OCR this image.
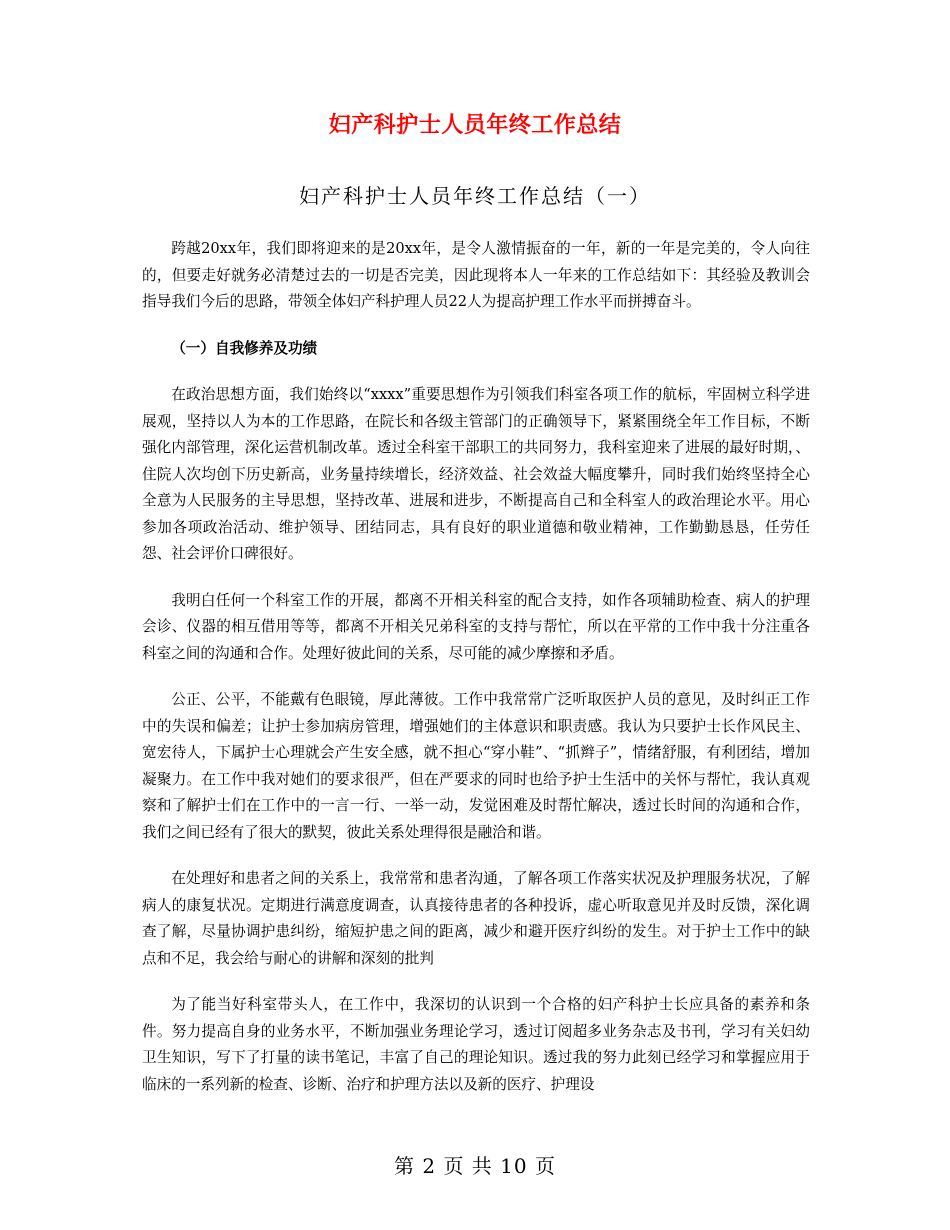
妇产科护士人员年终工作总结
妇产科护士人员年终工作总结（一）

跨越20xx年，我们即将迎来的是20xx年，是令人激情振奋的一年，新的一年是完美的，令人向往的，但要走好就务必清楚过去的一切是否完美，因此现将本人一年来的工作总结如下：其经验及教训会指导我们今后的思路，带领全体妇产科护理人员22人为提高护理工作水平而拼搏奋斗。

（一）自我修养及功绩

在政治思想方面，我们始终以“xxxx”重要思想作为引领我们科室各项工作的航标，牢固树立科学进展观，坚持以人为本的工作思路，在院长和各级主管部门的正确领导下，紧紧围绕全年工作目标，不断强化内部管理，深化运营机制改革。透过全科室干部职工的共同努力，我科室迎来了进展的最好时期，、住院人次均创下历史新高，业务量持续增长，经济效益、社会效益大幅度攀升，同时我们始终坚持全心全意为人民服务的主导思想，坚持改革、进展和进步，不断提高自己和全科室人的政治理论水平。用心参加各项政治活动、维护领导、团结同志，具有良好的职业道德和敬业精神，工作勤勤恳恳，任劳任怨、社会评价口碑很好。

我明白任何一个科室工作的开展，都离不开相关科室的配合支持，如作各项辅助检查、病人的护理会诊、仪器的相互借用等等，都离不开相关兄弟科室的支持与帮忙，所以在平常的工作中我十分注重各科室之间的沟通和合作。处理好彼此间的关系，尽可能的减少摩擦和矛盾。

公正、公平，不能戴有色眼镜，厚此薄彼。工作中我常常广泛听取医护人员的意见，及时纠正工作中的失误和偏差；让护士参加病房管理，增强她们的主体意识和职责感。我认为只要护士长作风民主、宽宏待人，下属护士心理就会产生安全感，就不担心“穿小鞋”、“抓辫子”，情绪舒服，有利团结，增加凝聚力。在工作中我对她们的要求很严，但在严要求的同时也给予护士生活中的关怀与帮忙，我认真观察和了解护士们在工作中的一言一行、一举一动，发觉困难及时帮忙解决，透过长时间的沟通和合作，我们之间已经有了很大的默契，彼此关系处理得很是融洽和谐。

在处理好和患者之间的关系上，我常常和患者沟通，了解各项工作落实状况及护理服务状况，了解病人的康复状况。定期进行满意度调查，认真接待患者的各种投诉，虚心听取意见并及时反馈，深化调查了解，尽量协调护患纠纷，缩短护患之间的距离，减少和避开医疗纠纷的发生。对于护士工作中的缺点和不足，我会给与耐心的讲解和深刻的批判

为了能当好科室带头人，在工作中，我深切的认识到一个合格的妇产科护士长应具备的素养和条件。努力提高自身的业务水平，不断加强业务理论学习，透过订阅超多业务杂志及书刊，学习有关妇幼卫生知识，写下了打量的读书笔记，丰富了自己的理论知识。透过我的努力此刻已经学习和掌握应用于临床的一系列新的检查、诊断、治疗和护理方法以及新的医疗、护理设

第 2 页 共 10 页
